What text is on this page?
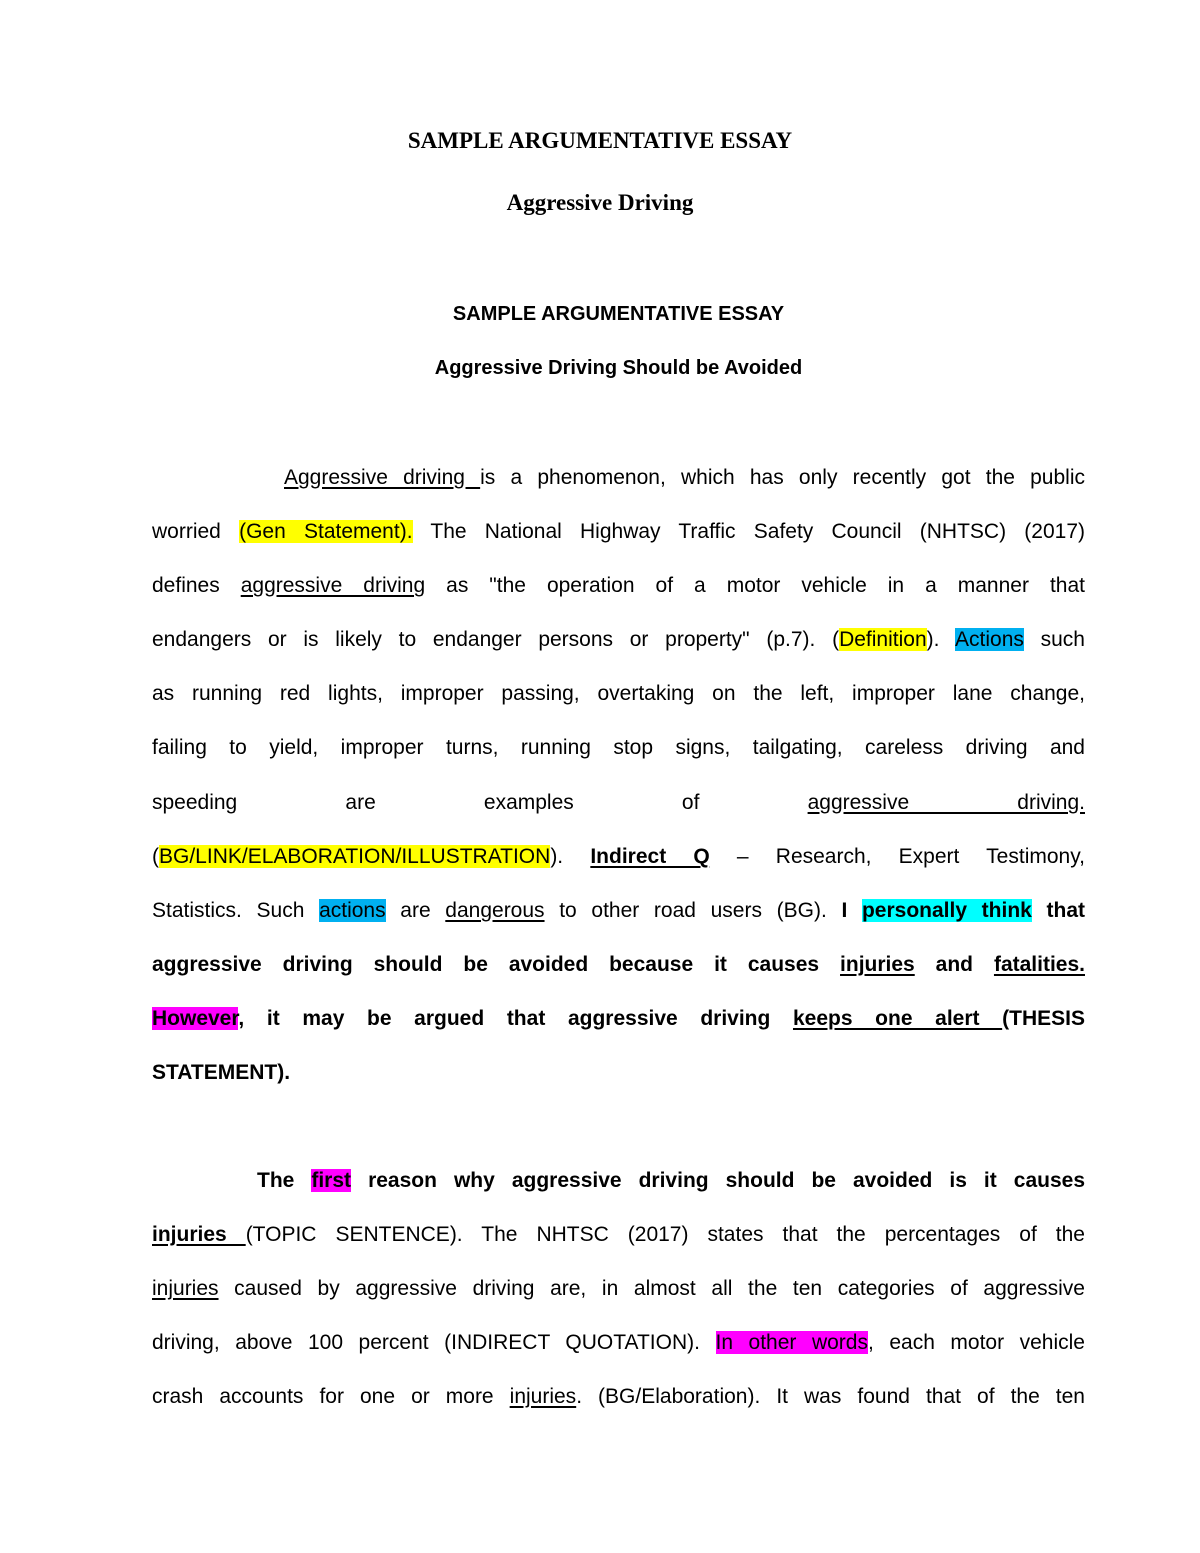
SAMPLE ARGUMENTATIVE ESSAY
Aggressive Driving
SAMPLE ARGUMENTATIVE ESSAY
Aggressive Driving Should be Avoided
Aggressive driving is a phenomenon, which has only recently got the public
worried (Gen Statement). The National Highway Traffic Safety Council (NHTSC) (2017)
defines aggressive driving as "the operation of a motor vehicle in a manner that
endangers or is likely to endanger persons or property" (p.7). (Definition). Actions such
as running red lights, improper passing, overtaking on the left, improper lane change,
failing to yield, improper turns, running stop signs, tailgating, careless driving and
speeding are examples of aggressive driving.
(BG/LINK/ELABORATION/ILLUSTRATION). Indirect Q – Research, Expert Testimony,
Statistics. Such actions are dangerous to other road users (BG). I personally think that
aggressive driving should be avoided because it causes injuries and fatalities.
However, it may be argued that aggressive driving keeps one alert (THESIS
STATEMENT).
The first reason why aggressive driving should be avoided is it causes
injuries (TOPIC SENTENCE). The NHTSC (2017) states that the percentages of the
injuries caused by aggressive driving are, in almost all the ten categories of aggressive
driving, above 100 percent (INDIRECT QUOTATION). In other words, each motor vehicle
crash accounts for one or more injuries. (BG/Elaboration). It was found that of the ten
